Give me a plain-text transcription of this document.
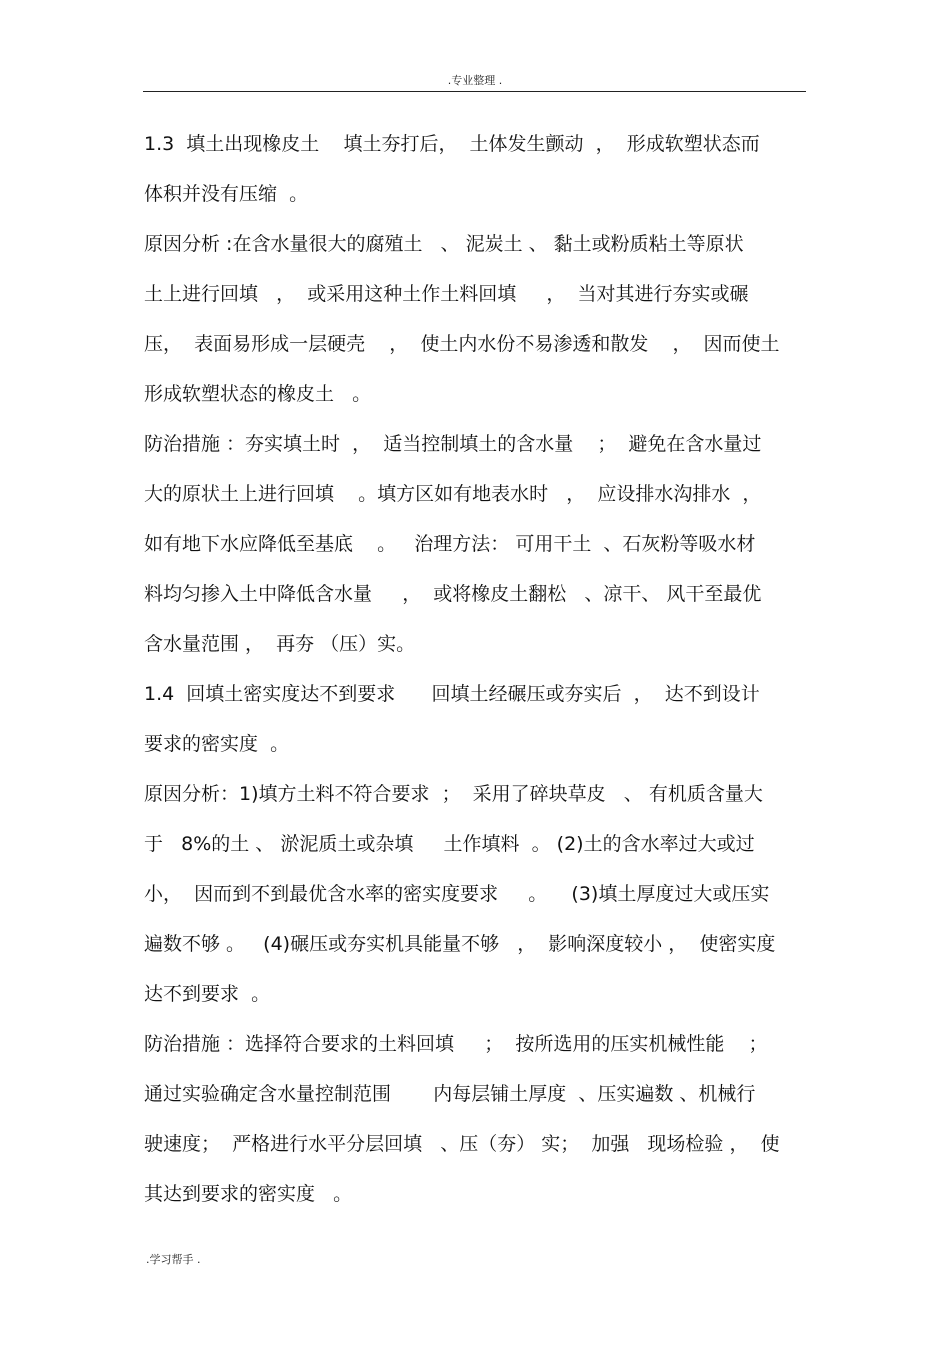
.专业整理 .
1.3  填土出现橡皮土    填土夯打后，  土体发生颤动  ，  形成软塑状态而
体积并没有压缩  。
原因分析 :在含水量很大的腐殖土   、 泥炭土 、 黏土或粉质粘土等原状
土上进行回填   ，  或采用这种土作土料回填     ，  当对其进行夯实或碾
压，  表面易形成一层硬壳    ，  使土内水份不易渗透和散发    ，  因而使土
形成软塑状态的橡皮土   。
防治措施 ：夯实填土时  ，  适当控制填土的含水量    ；  避免在含水量过
大的原状土上进行回填    。填方区如有地表水时   ，  应设排水沟排水  ，
如有地下水应降低至基底    。   治理方法： 可用干土  、石灰粉等吸水材
料均匀掺入土中降低含水量     ，  或将橡皮土翻松   、凉干、 风干至最优
含水量范围 ，  再夯 （压）实。
1.4  回填土密实度达不到要求      回填土经碾压或夯实后  ，  达不到设计
要求的密实度  。
原因分析：1)填方土料不符合要求  ；  采用了碎块草皮   、 有机质含量大
于   8%的土 、 淤泥质土或杂填     土作填料  。 (2)土的含水率过大或过
小，  因而到不到最优含水率的密实度要求     。    (3)填土厚度过大或压实
遍数不够 。   (4)碾压或夯实机具能量不够   ，  影响深度较小 ，  使密实度
达不到要求  。
防治措施 ：选择符合要求的土料回填     ；  按所选用的压实机械性能    ；
通过实验确定含水量控制范围       内每层铺土厚度  、压实遍数 、机械行
驶速度；  严格进行水平分层回填   、压（夯） 实；  加强   现场检验 ，  使
其达到要求的密实度   。
.学习帮手 .
